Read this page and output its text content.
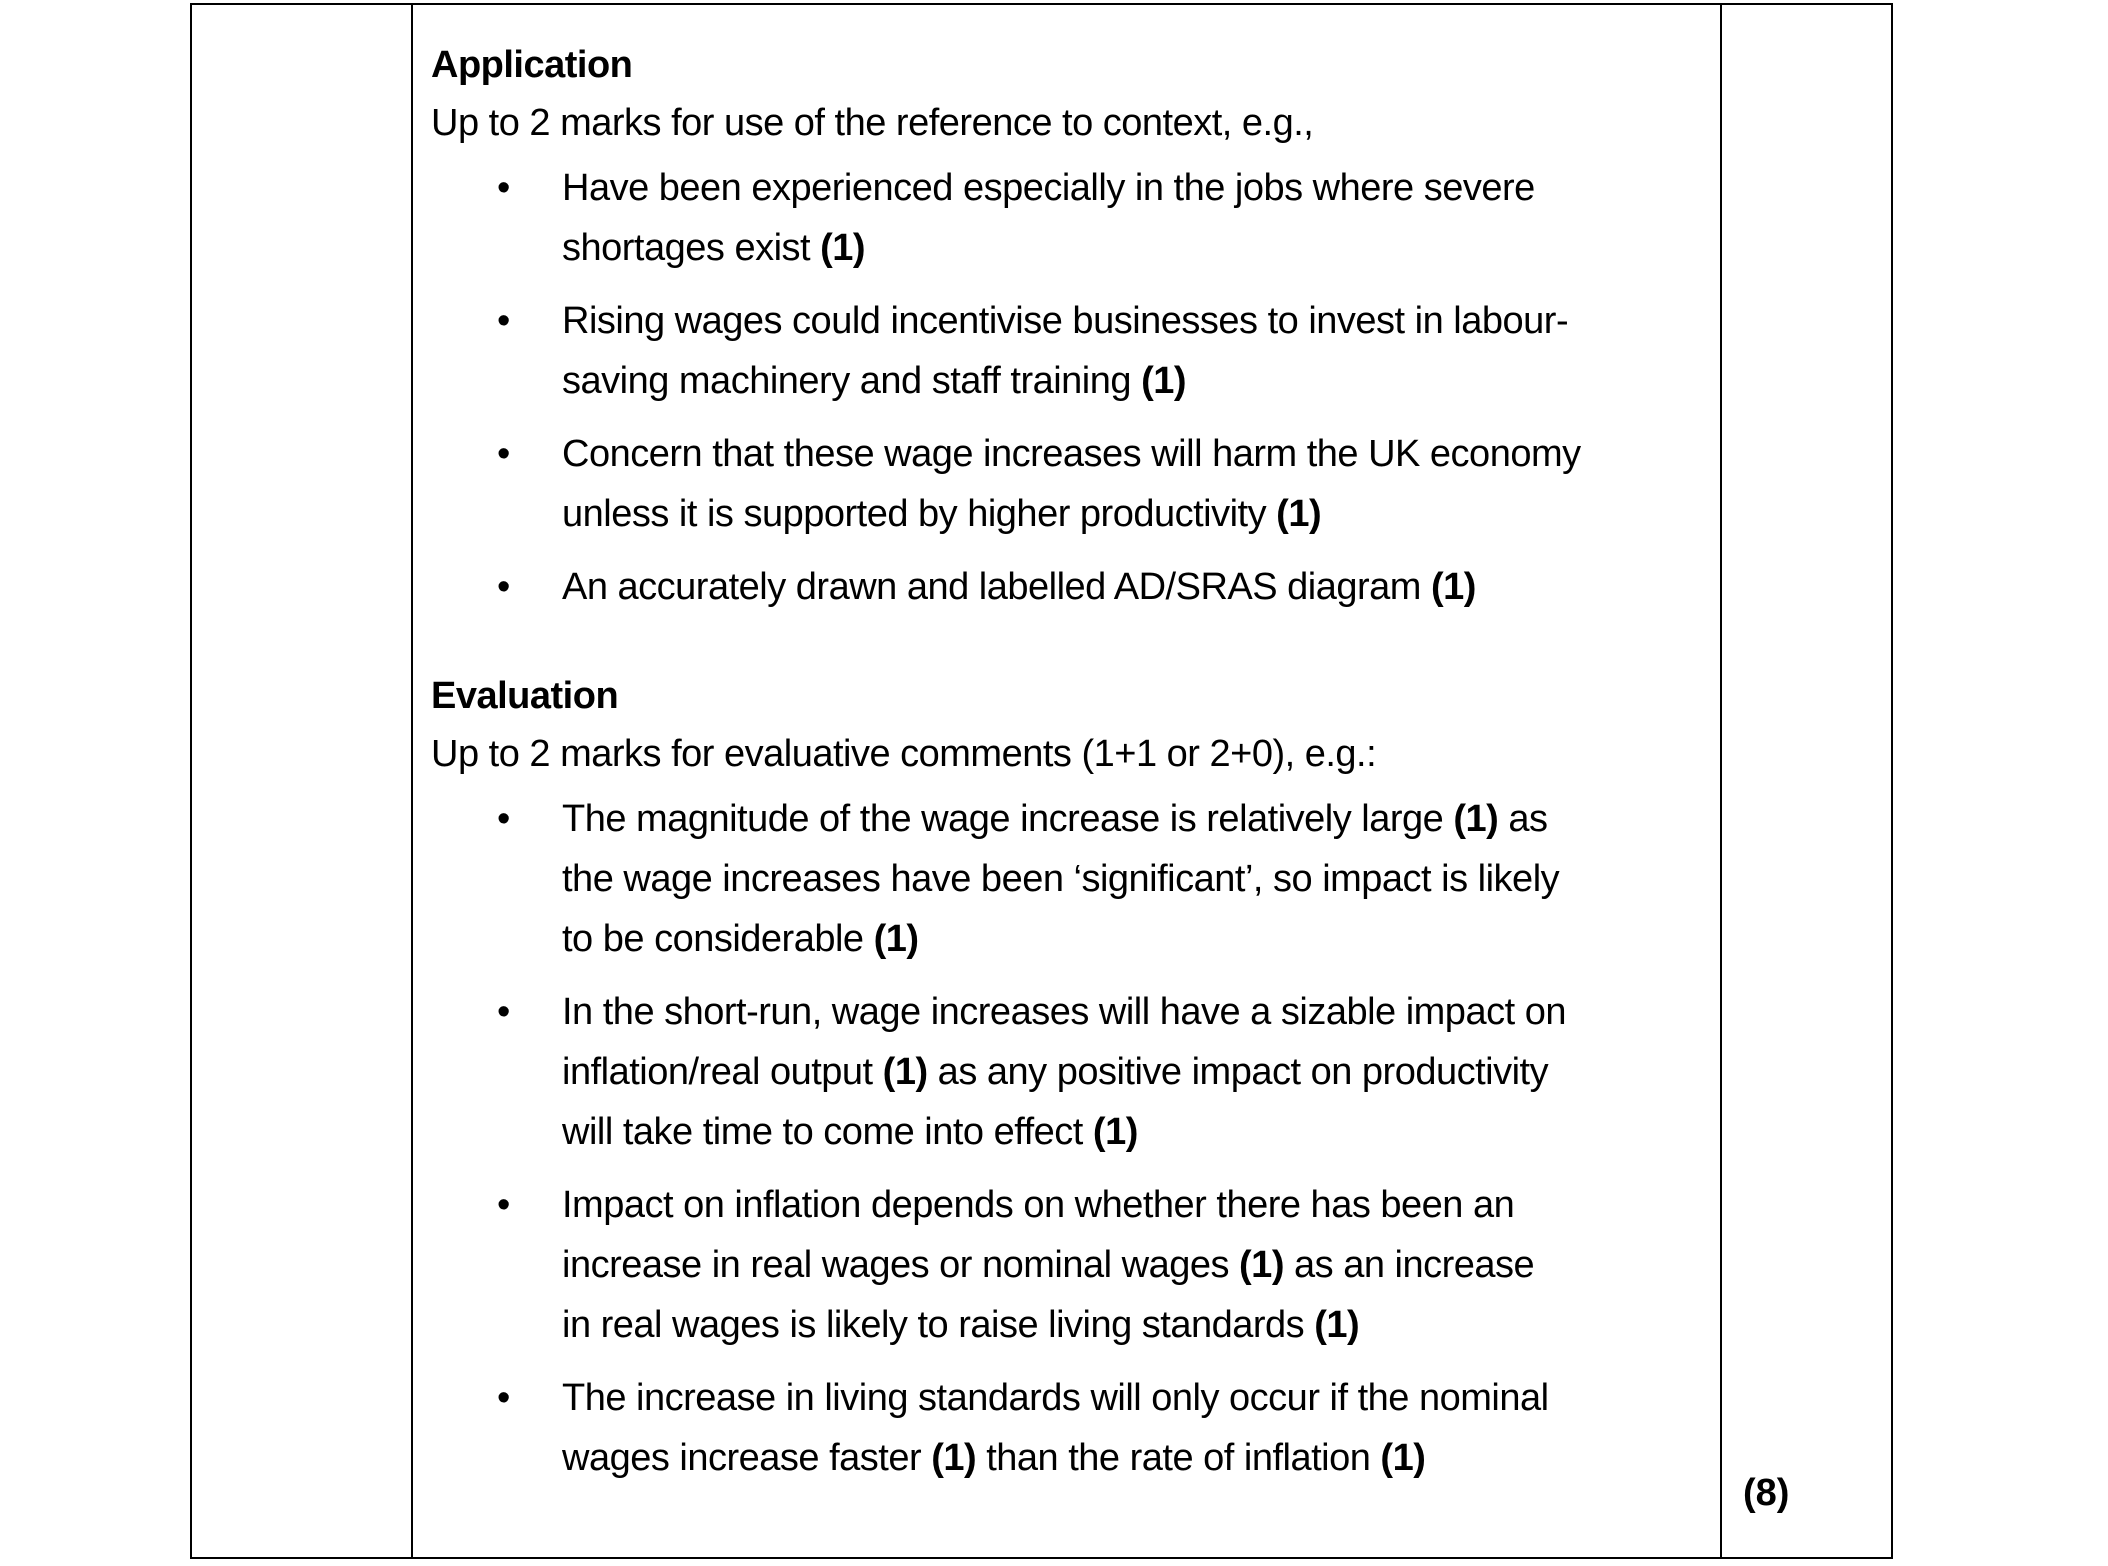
Application
Up to 2 marks for use of the reference to context, e.g.,
•	Have been experienced especially in the jobs where severe
shortages exist (1)
•	Rising wages could incentivise businesses to invest in labour-
saving machinery and staff training (1)
•	Concern that these wage increases will harm the UK economy
unless it is supported by higher productivity (1)
•	An accurately drawn and labelled AD/SRAS diagram (1)
Evaluation
Up to 2 marks for evaluative comments (1+1 or 2+0), e.g.:
•	The magnitude of the wage increase is relatively large (1) as
the wage increases have been ‘significant’, so impact is likely
to be considerable (1)
•	In the short-run, wage increases will have a sizable impact on
inflation/real output (1) as any positive impact on productivity
will take time to come into effect (1)
•	Impact on inflation depends on whether there has been an
increase in real wages or nominal wages (1) as an increase
in real wages is likely to raise living standards (1)
•	The increase in living standards will only occur if the nominal
wages increase faster (1) than the rate of inflation (1)
(8)
